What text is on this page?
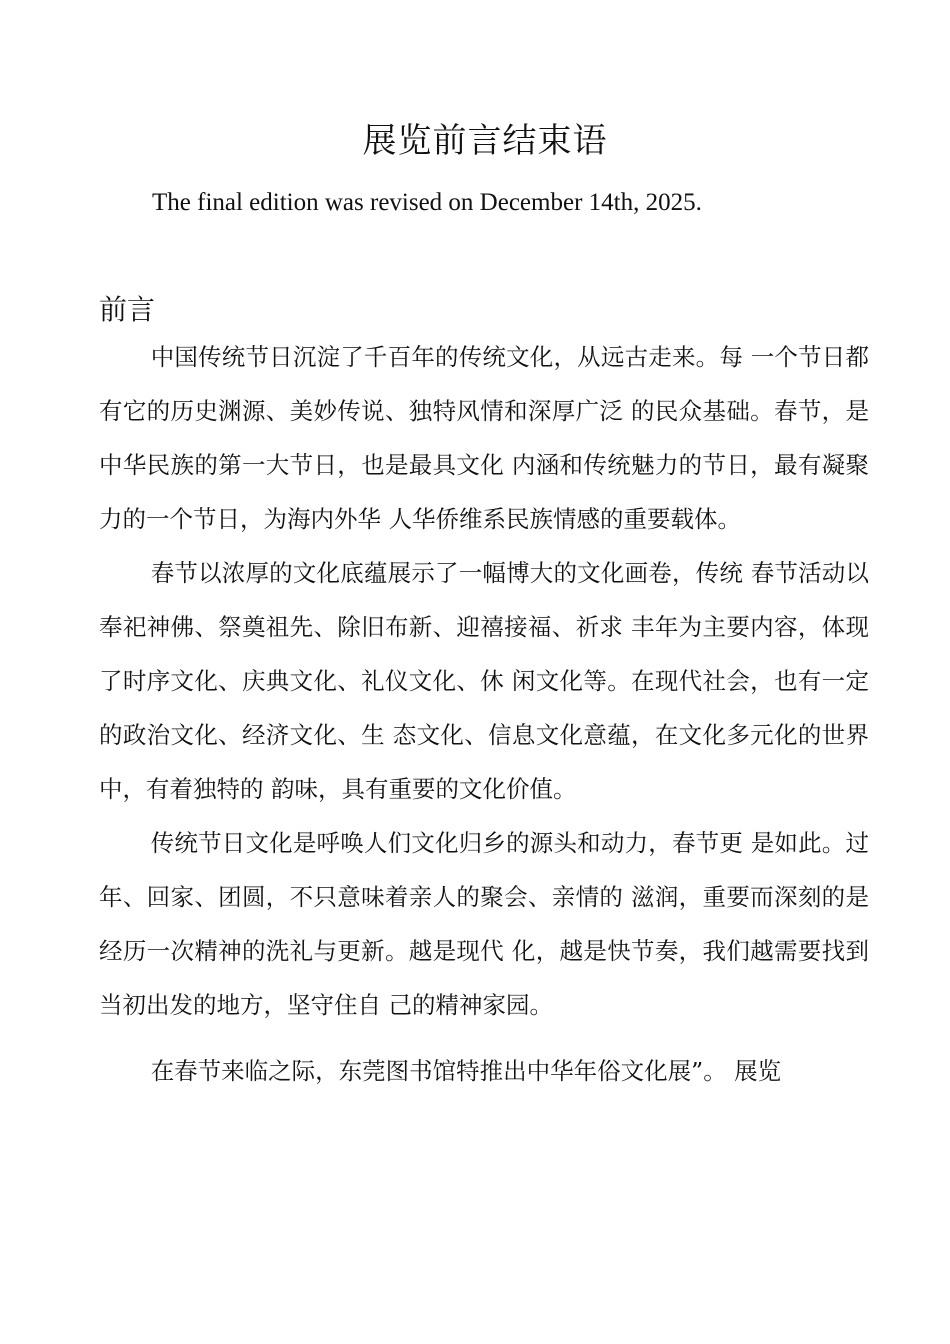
展览前言结束语

The final edition was revised on December 14th, 2025.

前言

中国传统节日沉淀了千百年的传统文化，从远古走来。每 一个节日都有它的历史渊源、美妙传说、独特风情和深厚广泛 的民众基础。春节，是中华民族的第一大节日，也是最具文化 内涵和传统魅力的节日，最有凝聚力的一个节日，为海内外华 人华侨维系民族情感的重要载体。

春节以浓厚的文化底蕴展示了一幅博大的文化画卷，传统 春节活动以奉祀神佛、祭奠祖先、除旧布新、迎禧接福、祈求 丰年为主要内容，体现了时序文化、庆典文化、礼仪文化、休 闲文化等。在现代社会，也有一定的政治文化、经济文化、生 态文化、信息文化意蕴，在文化多元化的世界中，有着独特的 韵味，具有重要的文化价值。

传统节日文化是呼唤人们文化归乡的源头和动力，春节更 是如此。过年、回家、团圆，不只意味着亲人的聚会、亲情的 滋润，重要而深刻的是经历一次精神的洗礼与更新。越是现代 化，越是快节奏，我们越需要找到当初出发的地方，坚守住自 己的精神家园。

在春节来临之际，东莞图书馆特推出中华年俗文化展”。 展览
